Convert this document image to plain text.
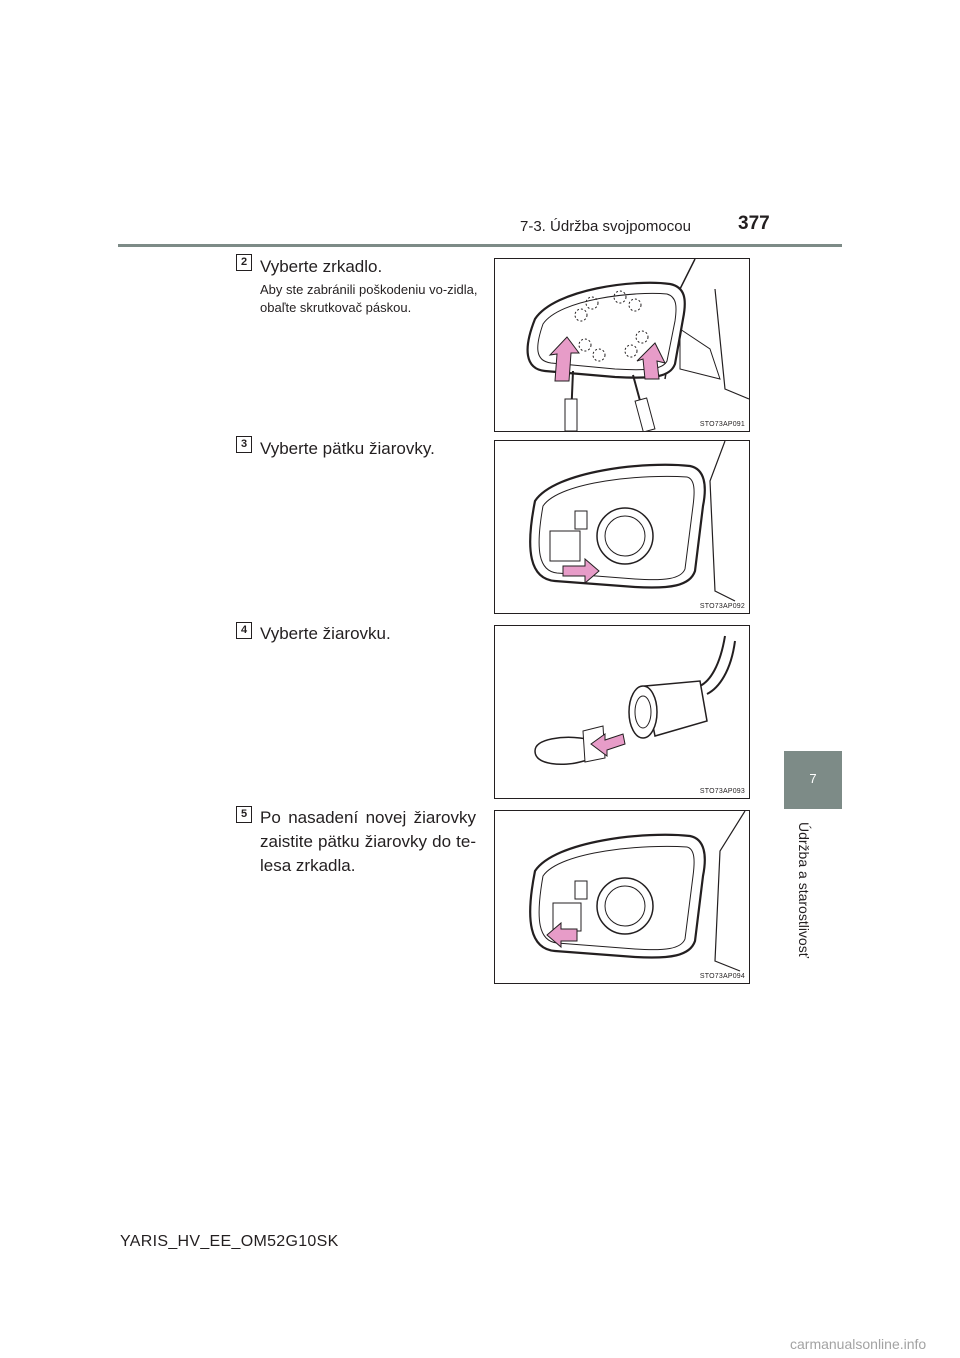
7-3. Údržba svojpomocou 377
7
Údržba a starostlivosť
2 Vyberte zrkadlo.
Aby ste zabránili poškodeniu vo-zidla, obaľte skrutkovač páskou.
STO73AP091
3 Vyberte pätku žiarovky.
STO73AP092
4 Vyberte žiarovku.
STO73AP093
5 Po nasadení novej žiarovky zaistite pätku žiarovky do te-lesa zrkadla.
STO73AP094
YARIS_HV_EE_OM52G10SK
carmanualsonline.info
